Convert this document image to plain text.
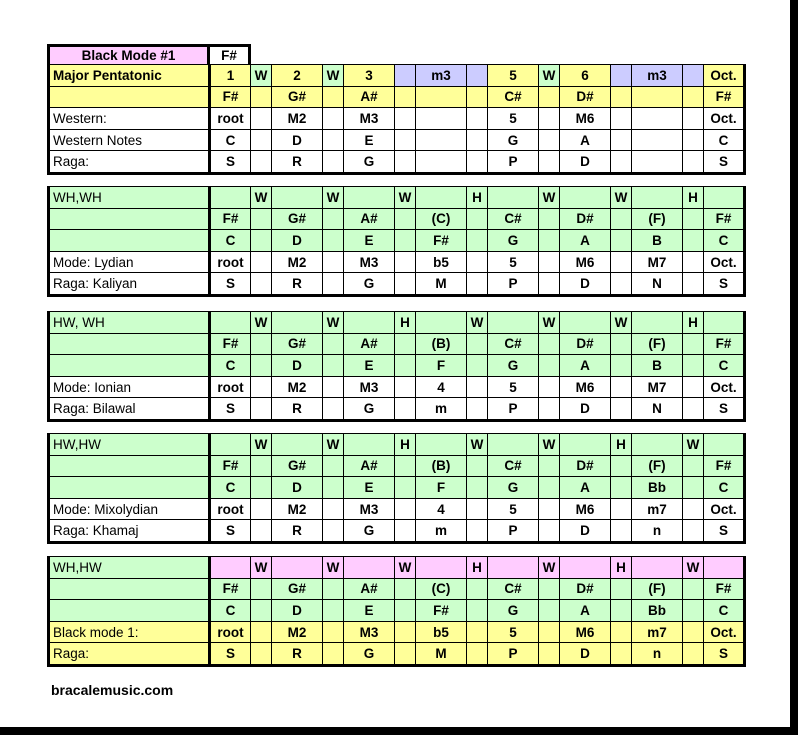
Black Mode #1	F#
Major Pentatonic	1	W	2	W	3		m3		5	W	6		m3		Oct.
	F#		G#		A#				C#		D#				F#
Western:	root		M2		M3				5		M6				Oct.
Western Notes	C		D		E				G		A				C
Raga:	S		R		G				P		D				S
WH,WH		W		W		W		H		W		W		H	
	F#		G#		A#		(C)		C#		D#		(F)		F#
	C		D		E		F#		G		A		B		C
Mode: Lydian	root		M2		M3		b5		5		M6		M7		Oct.
Raga: Kaliyan	S		R		G		M		P		D		N		S
HW, WH		W		W		H		W		W		W		H	
	F#		G#		A#		(B)		C#		D#		(F)		F#
	C		D		E		F		G		A		B		C
Mode: Ionian	root		M2		M3		4		5		M6		M7		Oct.
Raga: Bilawal	S		R		G		m		P		D		N		S
HW,HW		W		W		H		W		W		H		W	
	F#		G#		A#		(B)		C#		D#		(F)		F#
	C		D		E		F		G		A		Bb		C
Mode: Mixolydian	root		M2		M3		4		5		M6		m7		Oct.
Raga: Khamaj	S		R		G		m		P		D		n		S
WH,HW		W		W		W		H		W		H		W	
	F#		G#		A#		(C)		C#		D#		(F)		F#
	C		D		E		F#		G		A		Bb		C
Black mode 1:	root		M2		M3		b5		5		M6		m7		Oct.
Raga:	S		R		G		M		P		D		n		S
bracalemusic.com
